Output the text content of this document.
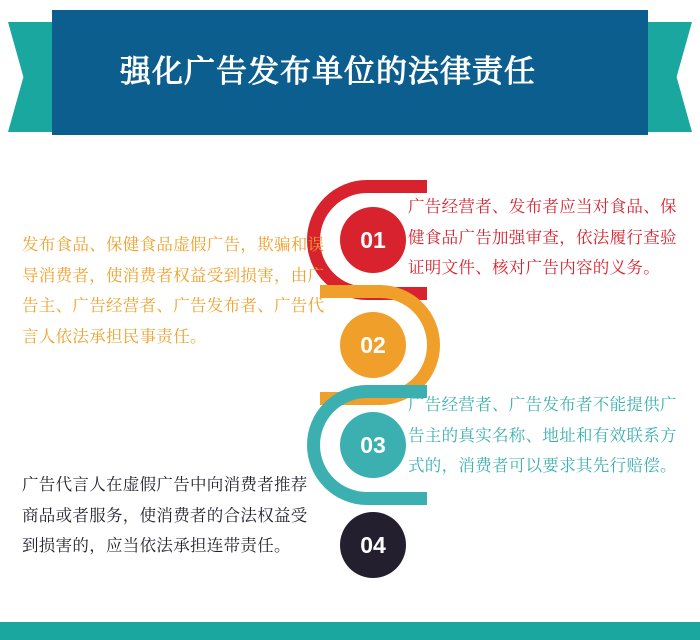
强化广告发布单位的法律责任
01
02
03
04
广告经营者、发布者应当对食品、保健食品广告加强审查，依法履行查验证明文件、核对广告内容的义务。
发布食品、保健食品虚假广告，欺骗和误导消费者，使消费者权益受到损害，由广告主、广告经营者、广告发布者、广告代言人依法承担民事责任。
广告经营者、广告发布者不能提供广告主的真实名称、地址和有效联系方式的，消费者可以要求其先行赔偿。
广告代言人在虚假广告中向消费者推荐商品或者服务，使消费者的合法权益受到损害的，应当依法承担连带责任。
